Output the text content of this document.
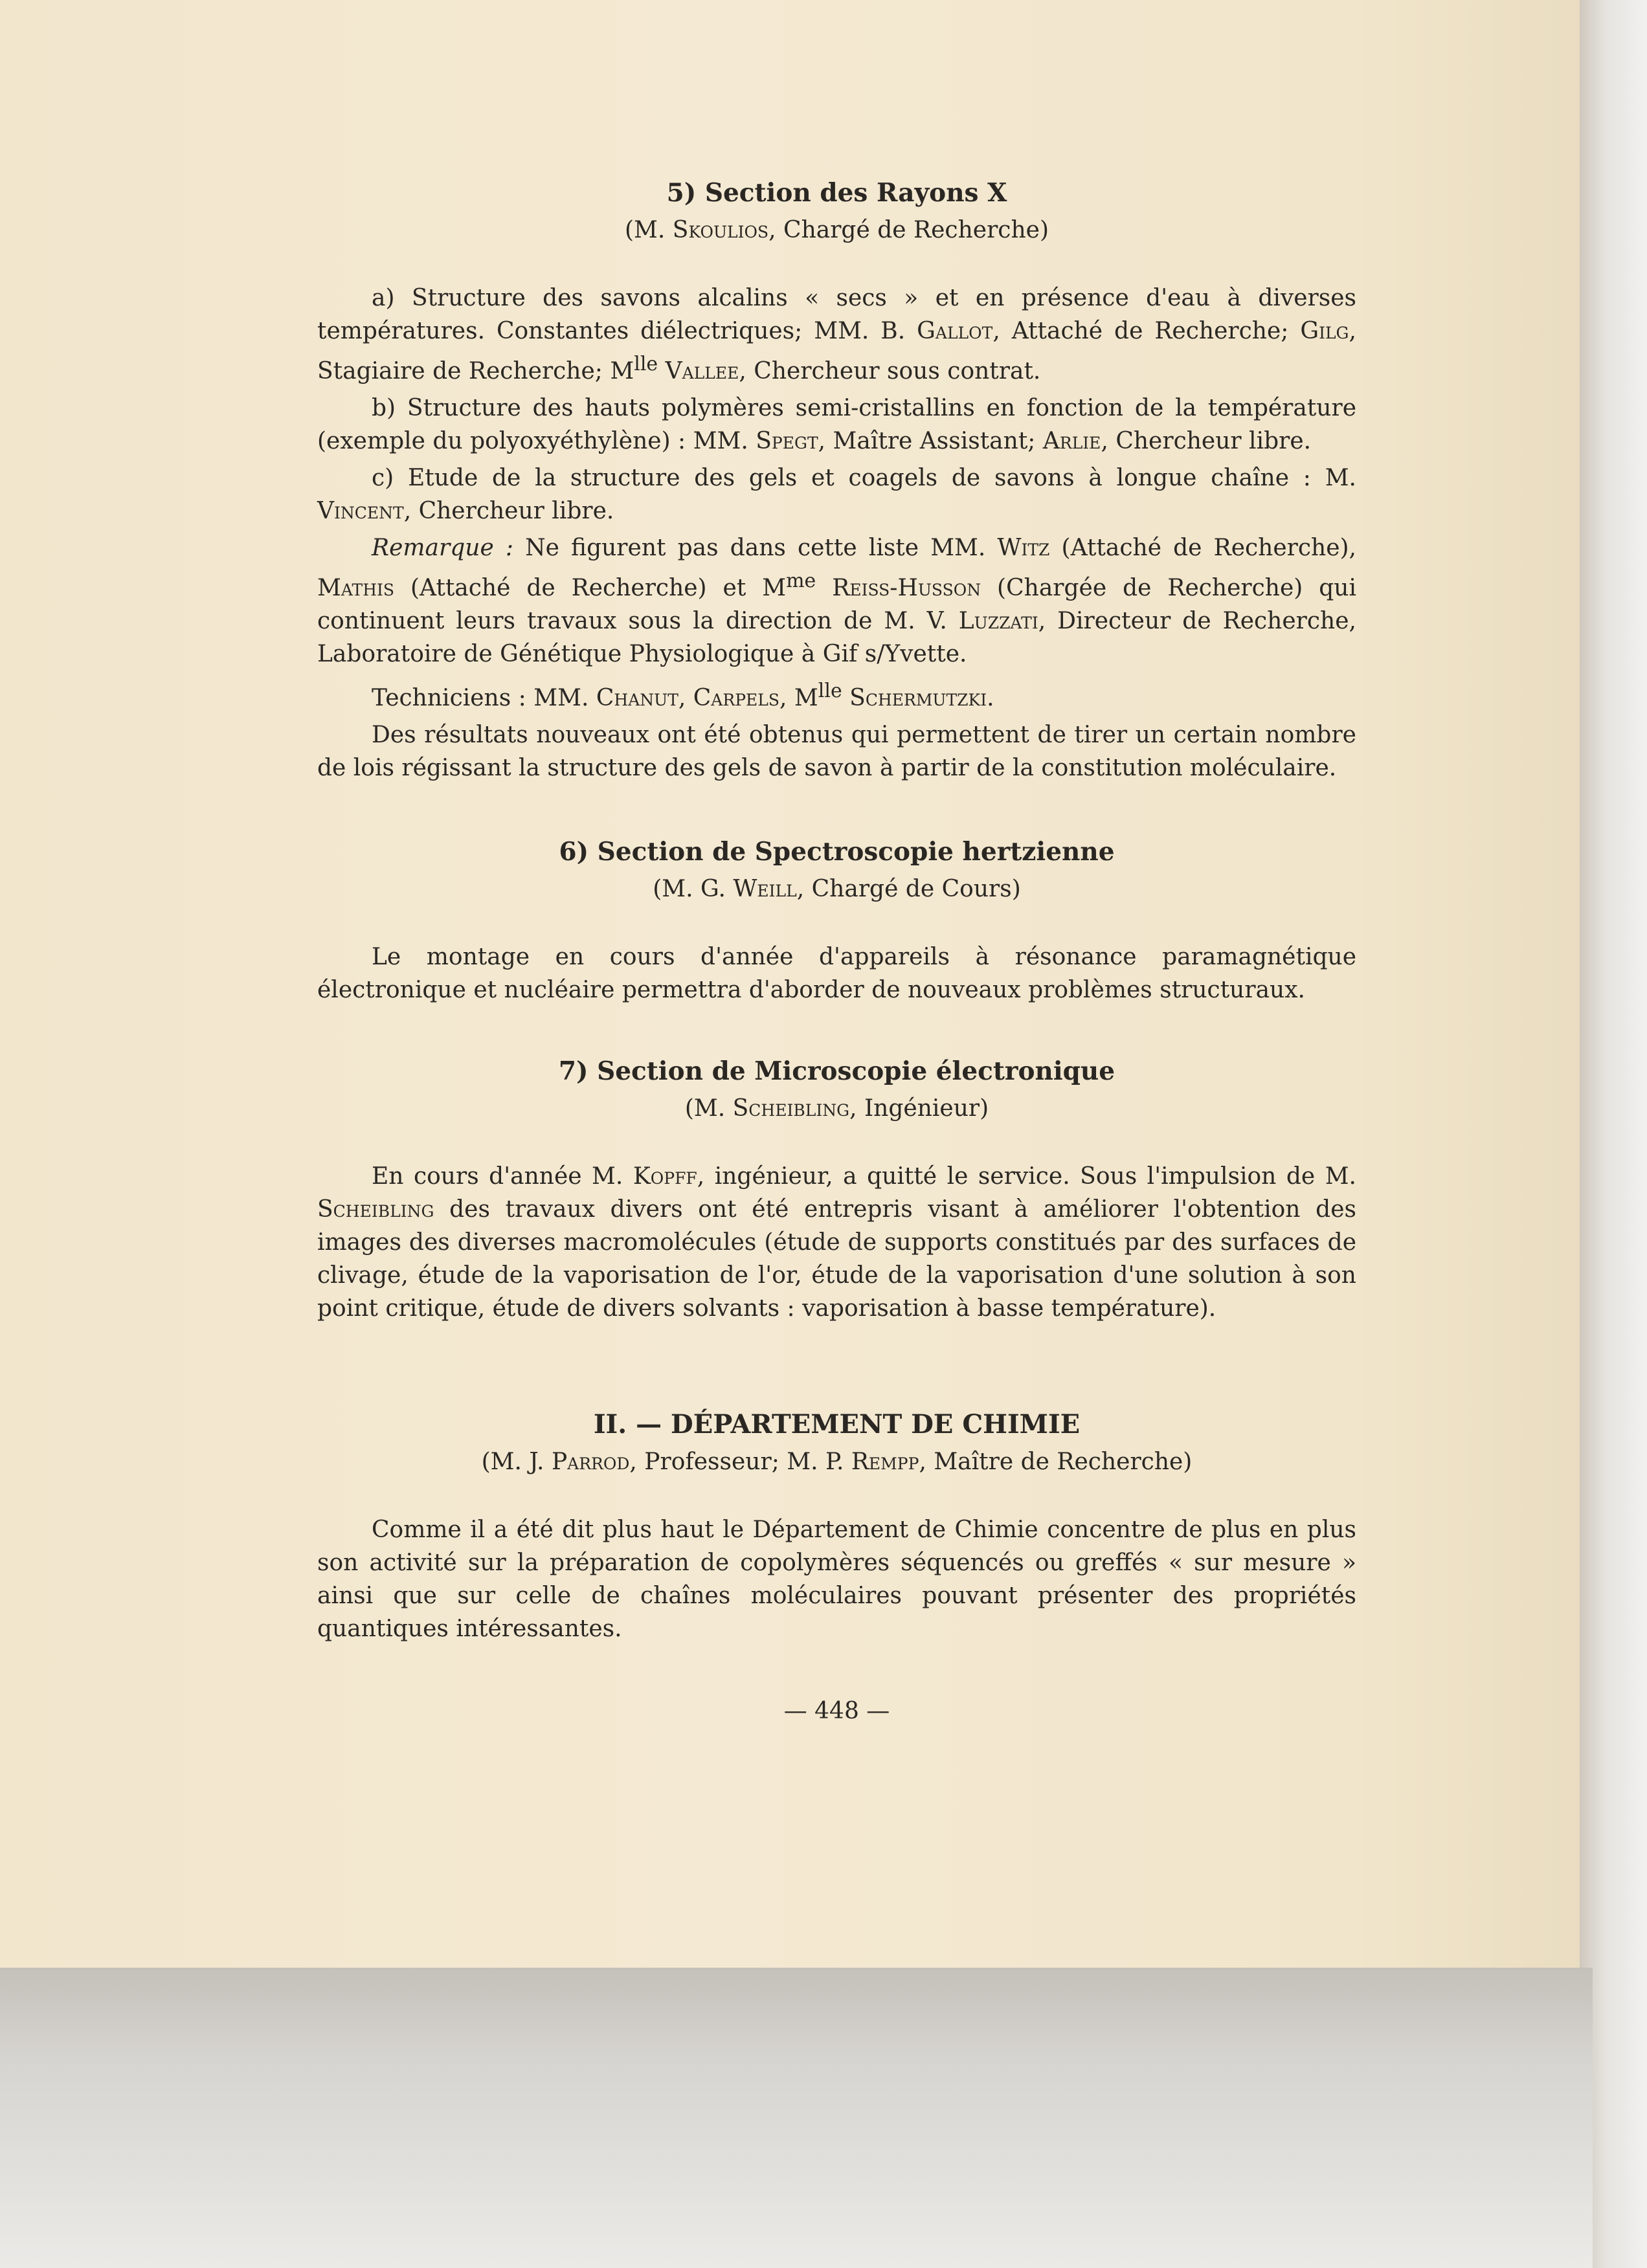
5) Section des Rayons X
(M. Skoulios, Chargé de Recherche)

a) Structure des savons alcalins « secs » et en présence d'eau à diverses températures. Constantes diélectriques; MM. B. Gallot, Attaché de Recherche; Gilg, Stagiaire de Recherche; $M^{lle}$ Vallee, Chercheur sous contrat.

b) Structure des hauts polymères semi-cristallins en fonction de la température (exemple du polyoxyéthylène) : MM. Spegt, Maître Assistant; Arlie, Chercheur libre.

c) Etude de la structure des gels et coagels de savons à longue chaîne : M. Vincent, Chercheur libre.

Remarque : Ne figurent pas dans cette liste MM. Witz (Attaché de Recherche), Mathis (Attaché de Recherche) et $M^{me}$ Reiss-Husson (Chargée de Recherche) qui continuent leurs travaux sous la direction de M. V. Luzzati, Directeur de Recherche, Laboratoire de Génétique Physiologique à Gif s/Yvette.

Techniciens : MM. Chanut, Carpels, $M^{lle}$ Schermutzki.

Des résultats nouveaux ont été obtenus qui permettent de tirer un certain nombre de lois régissant la structure des gels de savon à partir de la constitution moléculaire.

6) Section de Spectroscopie hertzienne
(M. G. Weill, Chargé de Cours)

Le montage en cours d'année d'appareils à résonance paramagnétique électronique et nucléaire permettra d'aborder de nouveaux problèmes structuraux.

7) Section de Microscopie électronique
(M. Scheibling, Ingénieur)

En cours d'année M. Kopff, ingénieur, a quitté le service. Sous l'impulsion de M. Scheibling des travaux divers ont été entrepris visant à améliorer l'obtention des images des diverses macromolécules (étude de supports constitués par des surfaces de clivage, étude de la vaporisation de l'or, étude de la vaporisation d'une solution à son point critique, étude de divers solvants : vaporisation à basse température).

II. — DÉPARTEMENT DE CHIMIE
(M. J. Parrod, Professeur; M. P. Rempp, Maître de Recherche)

Comme il a été dit plus haut le Département de Chimie concentre de plus en plus son activité sur la préparation de copolymères séquencés ou greffés « sur mesure » ainsi que sur celle de chaînes moléculaires pouvant présenter des propriétés quantiques intéressantes.

— 448 —
